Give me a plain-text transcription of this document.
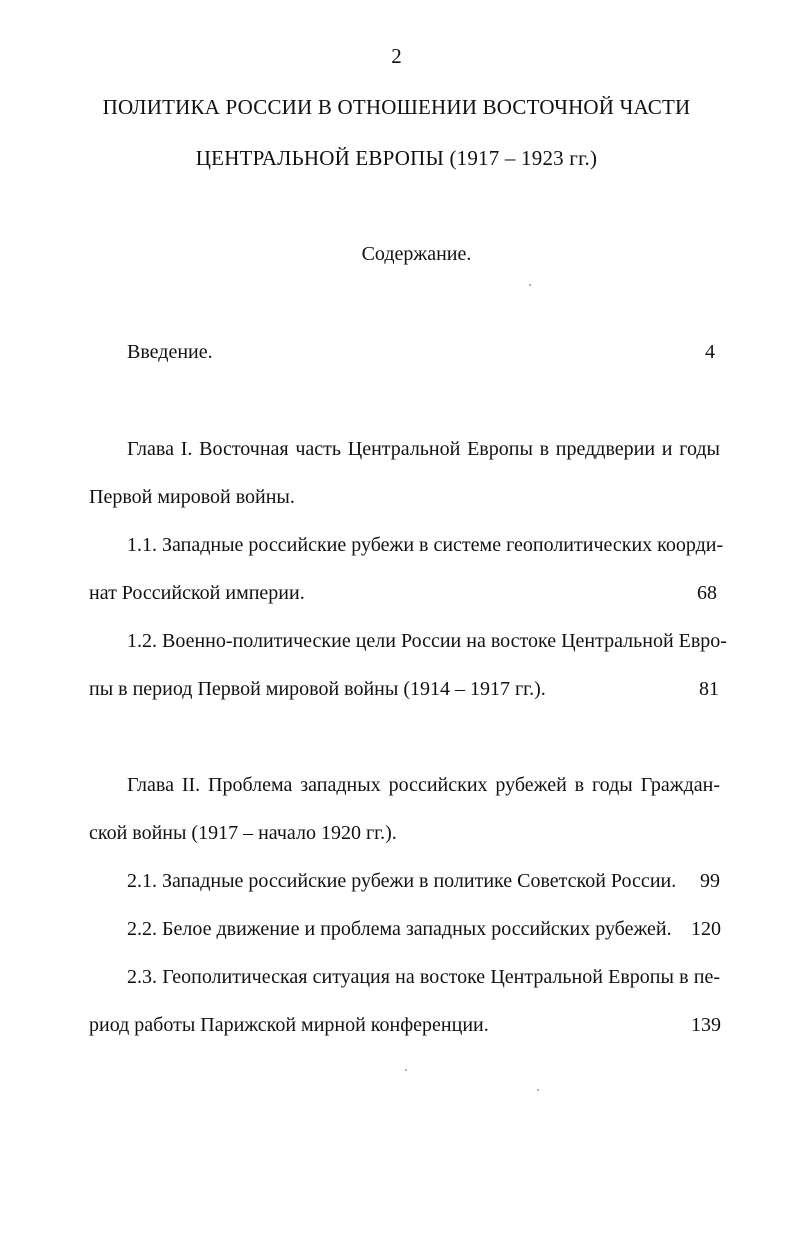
2
ПОЛИТИКА РОССИИ В ОТНОШЕНИИ ВОСТОЧНОЙ ЧАСТИ
ЦЕНТРАЛЬНОЙ ЕВРОПЫ (1917 – 1923 гг.)
Содержание.
Введение.	4
Глава I. Восточная часть Центральной Европы в преддверии и годы
Первой мировой войны.
1.1. Западные российские рубежи в системе геополитических коорди-
нат Российской империи.	68
1.2. Военно-политические цели России на востоке Центральной Евро-
пы в период Первой мировой войны (1914 – 1917 гг.).	81
Глава II. Проблема западных российских рубежей в годы Граждан-
ской войны (1917 – начало 1920 гг.).
2.1. Западные российские рубежи в политике Советской России.	99
2.2. Белое движение и проблема западных российских рубежей. 120
2.3. Геополитическая ситуация на востоке Центральной Европы в пе-
риод работы Парижской мирной конференции.	139
